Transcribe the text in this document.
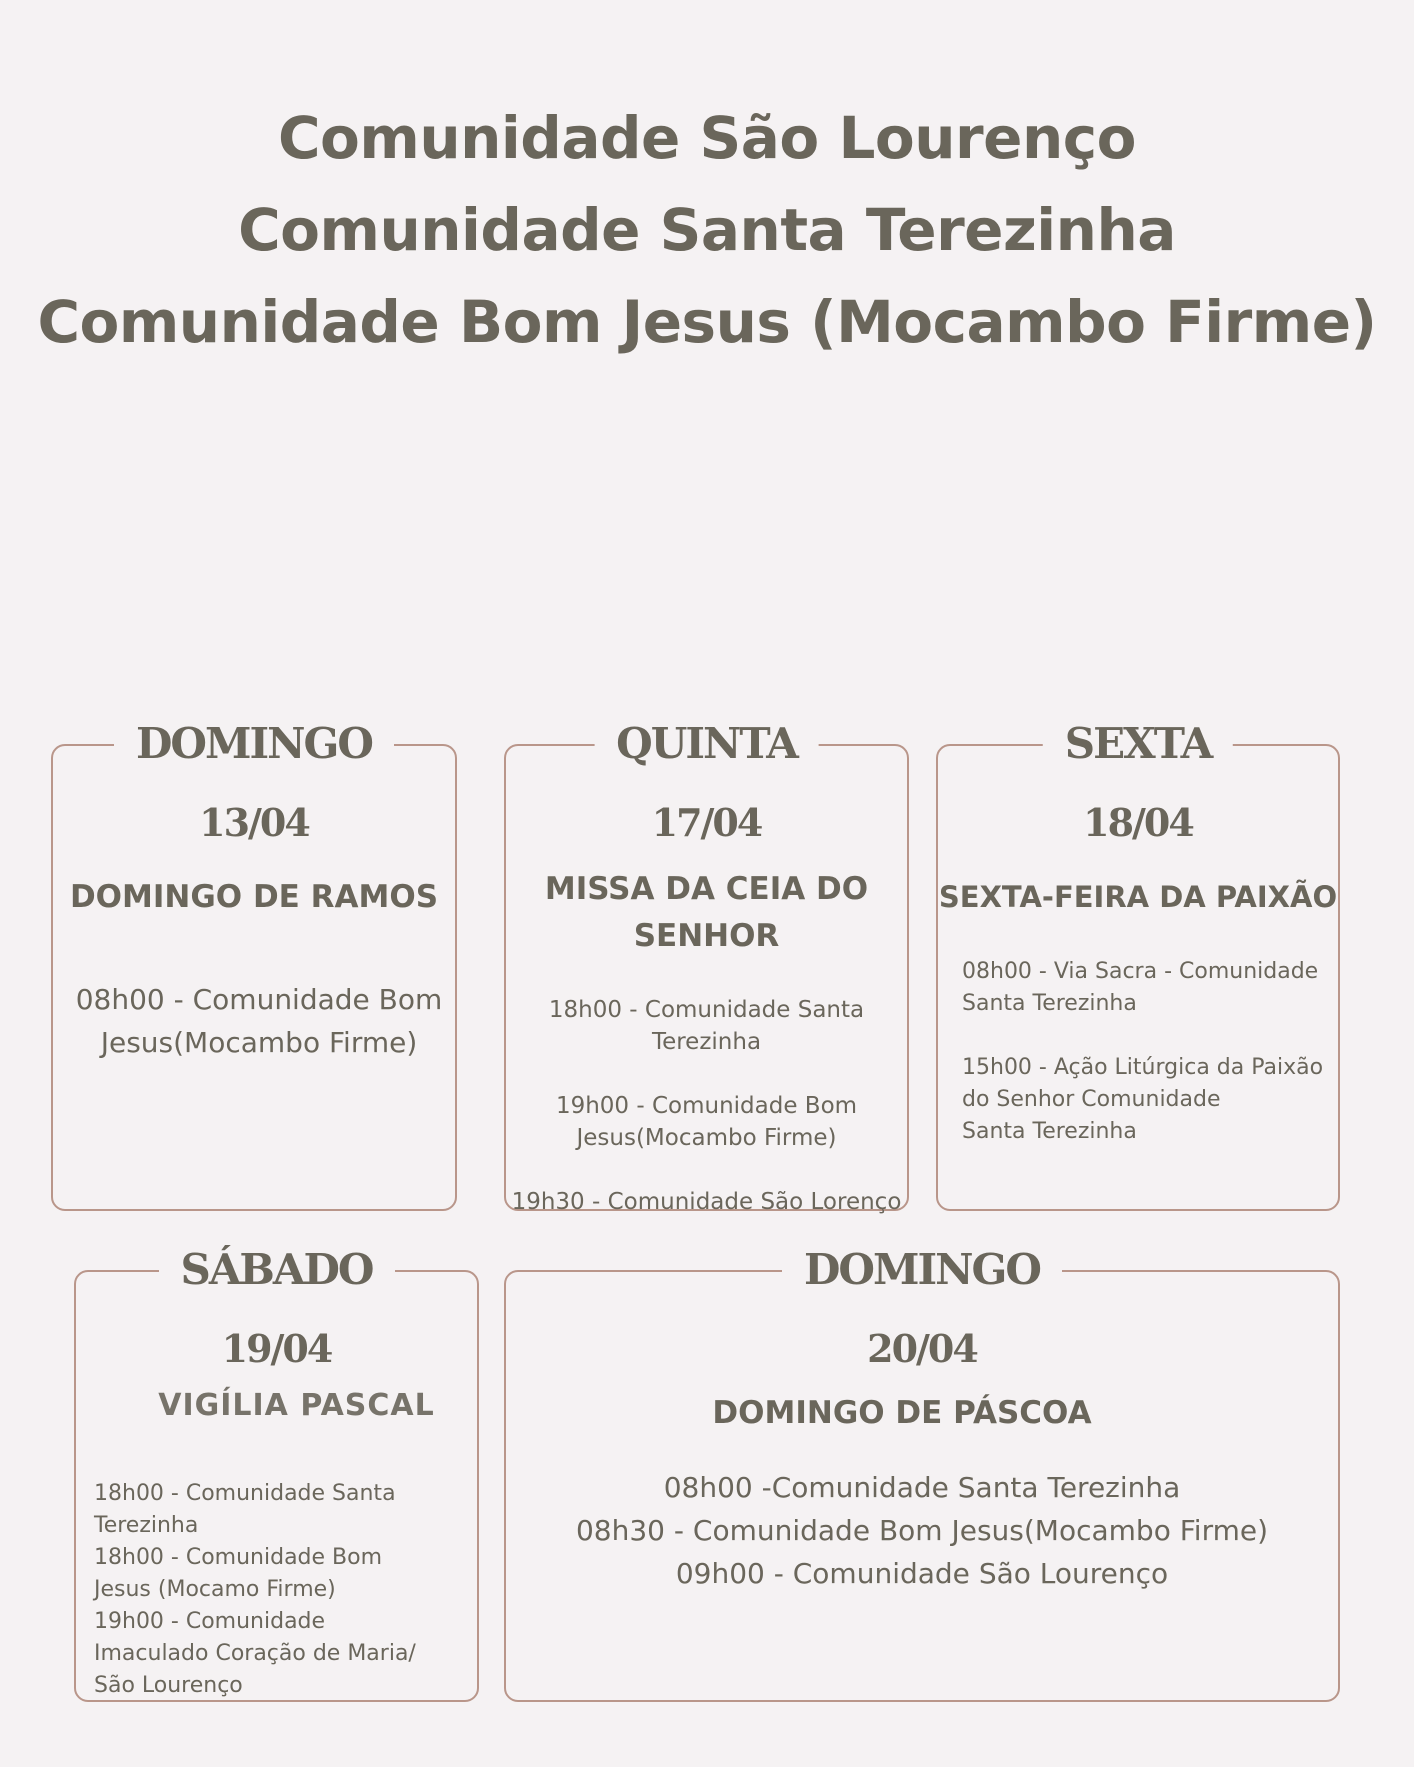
Comunidade São Lourenço
Comunidade Santa Terezinha
Comunidade Bom Jesus (Mocambo Firme)
DOMINGO
13/04
DOMINGO DE RAMOS
08h00 - Comunidade Bom
Jesus(Mocambo Firme)
QUINTA
17/04
MISSA DA CEIA DO
SENHOR
18h00 - Comunidade Santa
Terezinha
19h00 - Comunidade Bom
Jesus(Mocambo Firme)
19h30 - Comunidade São Lorenço
SEXTA
18/04
SEXTA-FEIRA DA PAIXÃO
08h00 - Via Sacra - Comunidade
Santa Terezinha
15h00 - Ação Litúrgica da Paixão
do Senhor Comunidade
Santa Terezinha
SÁBADO
19/04
VIGÍLIA PASCAL
18h00 - Comunidade Santa
Terezinha
18h00 - Comunidade Bom
Jesus (Mocamo Firme)
19h00 - Comunidade
Imaculado Coração de Maria/
São Lourenço
DOMINGO
20/04
DOMINGO DE PÁSCOA
08h00 -Comunidade Santa Terezinha
08h30 - Comunidade Bom Jesus(Mocambo Firme)
09h00 - Comunidade São Lourenço
